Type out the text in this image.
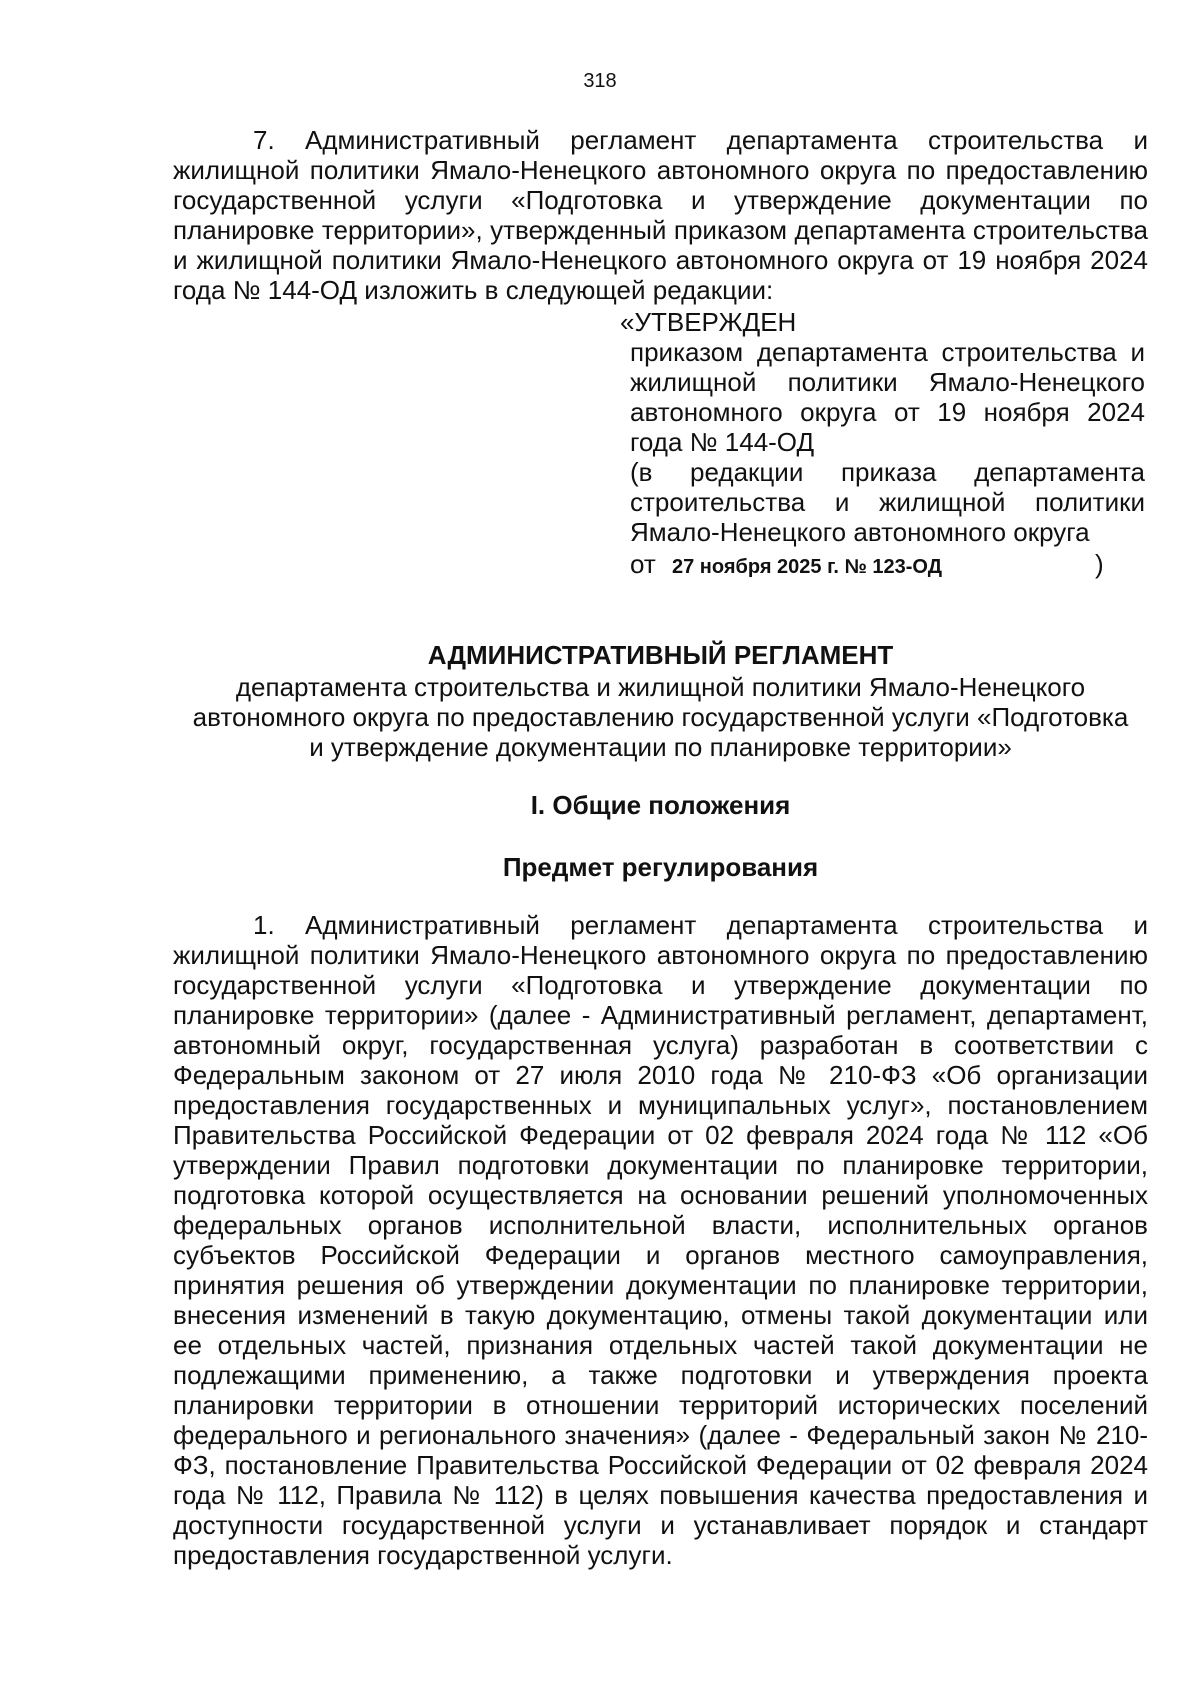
318

7. Административный регламент департамента строительства и жилищной политики Ямало-Ненецкого автономного округа по предоставлению государственной услуги «Подготовка и утверждение документации по планировке территории», утвержденный приказом департамента строительства и жилищной политики Ямало-Ненецкого автономного округа от 19 ноября 2024 года № 144-ОД изложить в следующей редакции:

«УТВЕРЖДЕН
приказом департамента строительства и
жилищной политики Ямало-Ненецкого
автономного округа от 19 ноября 2024
года № 144-ОД
(в редакции приказа департамента
строительства и жилищной политики
Ямало-Ненецкого автономного округа
от 27 ноября 2025 г. № 123-ОД	)
АДМИНИСТРАТИВНЫЙ РЕГЛАМЕНТ
департамента строительства и жилищной политики Ямало-Ненецкого
автономного округа по предоставлению государственной услуги «Подготовка
и утверждение документации по планировке территории»
I. Общие положения
Предмет регулирования

1. Административный регламент департамента строительства и жилищной политики Ямало-Ненецкого автономного округа по предоставлению государственной услуги «Подготовка и утверждение документации по планировке территории» (далее - Административный регламент, департамент, автономный округ, государственная услуга) разработан в соответствии с Федеральным законом от 27 июля 2010 года № 210-ФЗ «Об организации предоставления государственных и муниципальных услуг», постановлением Правительства Российской Федерации от 02 февраля 2024 года № 112 «Об утверждении Правил подготовки документации по планировке территории, подготовка которой осуществляется на основании решений уполномоченных федеральных органов исполнительной власти, исполнительных органов субъектов Российской Федерации и органов местного самоуправления, принятия решения об утверждении документации по планировке территории, внесения изменений в такую документацию, отмены такой документации или ее отдельных частей, признания отдельных частей такой документации не подлежащими применению, а также подготовки и утверждения проекта планировки территории в отношении территорий исторических поселений федерального и регионального значения» (далее - Федеральный закон № 210-ФЗ, постановление Правительства Российской Федерации от 02 февраля 2024 года № 112, Правила № 112) в целях повышения качества предоставления и доступности государственной услуги и устанавливает порядок и стандарт предоставления государственной услуги.
